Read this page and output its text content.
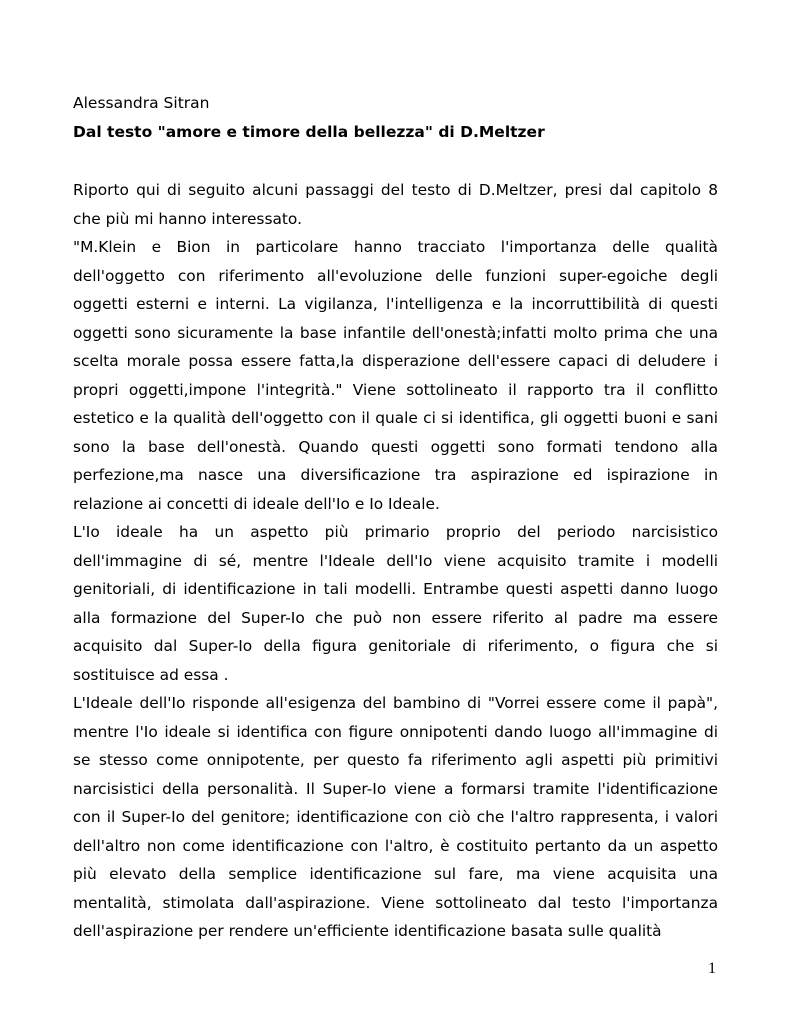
Alessandra Sitran
Dal testo "amore e timore della bellezza" di D.Meltzer

Riporto qui di seguito alcuni passaggi del testo di D.Meltzer, presi dal capitolo 8 che più mi hanno interessato.

"M.Klein e Bion in particolare hanno tracciato l'importanza delle qualità dell'oggetto con riferimento all'evoluzione delle funzioni super-egoiche degli oggetti esterni e interni. La vigilanza, l'intelligenza e la incorruttibilità di questi oggetti sono sicuramente la base infantile dell'onestà;infatti molto prima che una scelta morale possa essere fatta,la disperazione dell'essere capaci di deludere i propri oggetti,impone l'integrità." Viene sottolineato il rapporto tra il conflitto estetico e la qualità dell'oggetto con il quale ci si identifica, gli oggetti buoni e sani sono la base dell'onestà. Quando questi oggetti sono formati tendono alla perfezione,ma nasce una diversificazione tra aspirazione ed ispirazione in relazione ai concetti di ideale dell'Io e Io Ideale.

L'Io ideale ha un aspetto più primario proprio del periodo narcisistico dell'immagine di sé, mentre l'Ideale dell'Io viene acquisito tramite i modelli genitoriali, di identificazione in tali modelli. Entrambe questi aspetti danno luogo alla formazione del Super-Io che può non essere riferito al padre ma essere acquisito dal Super-Io della figura genitoriale di riferimento, o figura che si sostituisce ad essa .

L'Ideale dell'Io risponde all'esigenza del bambino di "Vorrei essere come il papà", mentre l'Io ideale si identifica con figure onnipotenti dando luogo all'immagine di se stesso come onnipotente, per questo fa riferimento agli aspetti più primitivi narcisistici della personalità. Il Super-Io viene a formarsi tramite l'identificazione con il Super-Io del genitore; identificazione con ciò che l'altro rappresenta, i valori dell'altro non come identificazione con l'altro, è costituito pertanto da un aspetto più elevato della semplice identificazione sul fare, ma viene acquisita una mentalità, stimolata dall'aspirazione. Viene sottolineato dal testo l'importanza dell'aspirazione per rendere un'efficiente identificazione basata sulle qualità

1
